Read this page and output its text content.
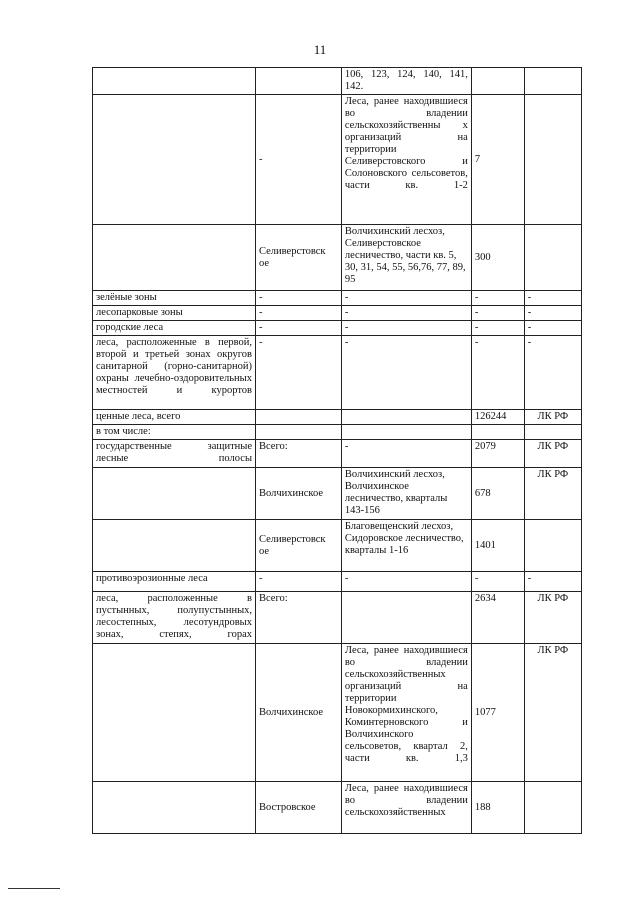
11
		106, 123, 124, 140, 141, 142.		
	-	Леса, ранее находившиеся во владении сельскохозяйственны х организаций на территории Селиверстовского и Солоновского сельсоветов, части кв. 1-2	7	
	Селиверстовск ое	Волчихинский лесхоз, Селиверстовское лесничество, части кв. 5, 30, 31, 54, 55, 56,76, 77, 89, 95	300	
зелёные зоны	-	-	-	-
лесопарковые зоны	-	-	-	-
городские леса	-	-	-	-
леса, расположенные в первой, второй и третьей зонах округов санитарной (горно-санитарной) охраны лечебно-оздоровительных местностей и курортов	-	-	-	-
ценные леса, всего			126244	ЛК РФ
в том числе:				
государственные защитные лесные полосы	Всего:	-	2079	ЛК РФ
	Волчихинское	Волчихинский лесхоз, Волчихинское лесничество, кварталы 143-156	678	ЛК РФ
	Селиверстовск ое	Благовещенский лесхоз, Сидоровское лесничество, кварталы 1-16	1401	
противоэрозионные леса	-	-	-	-
леса, расположенные в пустынных, полупустынных, лесостепных, лесотундровых зонах, степях, горах	Всего:		2634	ЛК РФ
	Волчихинское	Леса, ранее находившиеся во владении сельскохозяйственных организаций на территории Новокормихинского, Коминтерновского и Волчихинского сельсоветов, квартал 2, части кв. 1,3	1077	ЛК РФ
	Востровское	Леса, ранее находившиеся во владении сельскохозяйственных	188	
